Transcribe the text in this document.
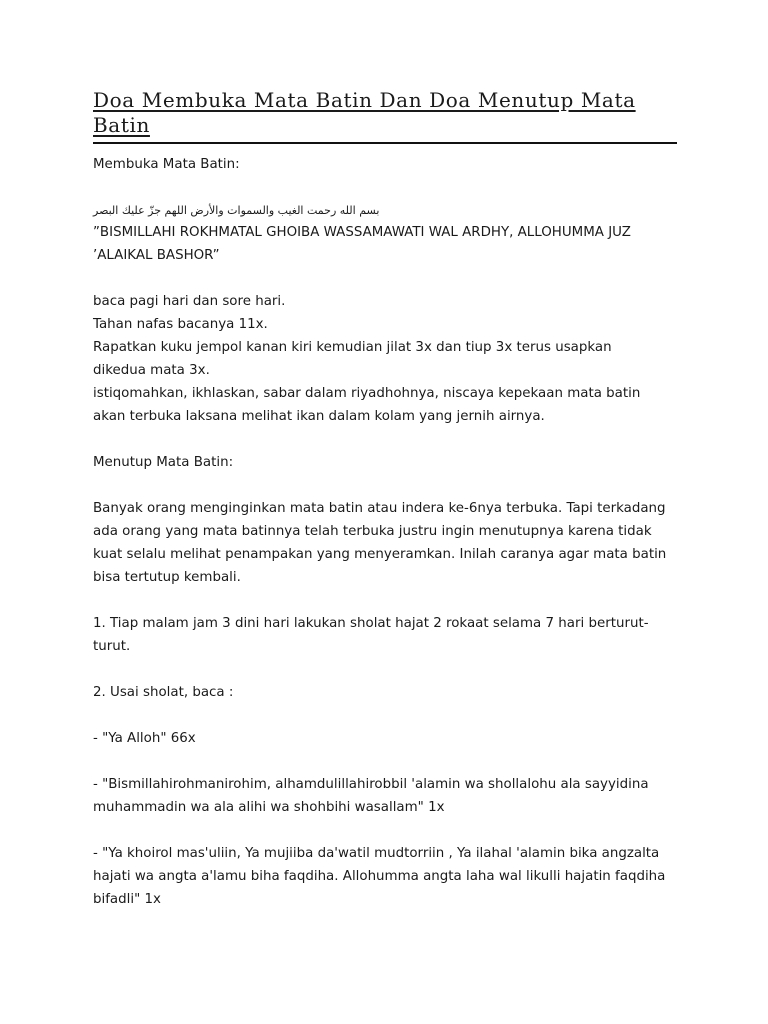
Doa Membuka Mata Batin Dan Doa Menutup Mata
Batin

Membuka Mata Batin:

بسم الله رحمت الغيب والسموات والأرض اللهم جزّ عليك البصر

”BISMILLAHI ROKHMATAL GHOIBA WASSAMAWATI WAL ARDHY, ALLOHUMMA JUZ
’ALAIKAL BASHOR”

baca pagi hari dan sore hari.
Tahan nafas bacanya 11x.
Rapatkan kuku jempol kanan kiri kemudian jilat 3x dan tiup 3x terus usapkan
dikedua mata 3x.
istiqomahkan, ikhlaskan, sabar dalam riyadhohnya, niscaya kepekaan mata batin
akan terbuka laksana melihat ikan dalam kolam yang jernih airnya.

Menutup Mata Batin:

Banyak orang menginginkan mata batin atau indera ke-6nya terbuka. Tapi terkadang
ada orang yang mata batinnya telah terbuka justru ingin menutupnya karena tidak
kuat selalu melihat penampakan yang menyeramkan. Inilah caranya agar mata batin
bisa tertutup kembali.

1. Tiap malam jam 3 dini hari lakukan sholat hajat 2 rokaat selama 7 hari berturut-
turut.

2. Usai sholat, baca :

- "Ya Alloh" 66x

- "Bismillahirohmanirohim, alhamdulillahirobbil 'alamin wa shollalohu ala sayyidina
muhammadin wa ala alihi wa shohbihi wasallam" 1x

- "Ya khoirol mas'uliin, Ya mujiiba da'watil mudtorriin , Ya ilahal 'alamin bika angzalta
hajati wa angta a'lamu biha faqdiha. Allohumma angta laha wal likulli hajatin faqdiha
bifadli" 1x
